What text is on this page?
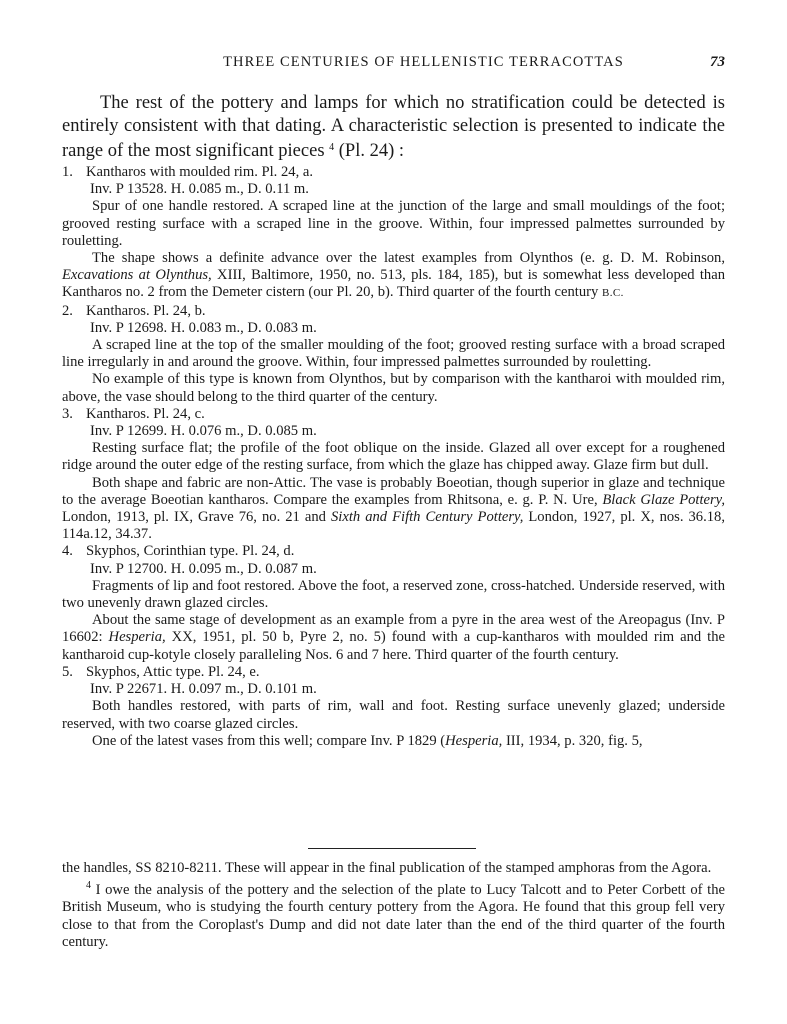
THREE CENTURIES OF HELLENISTIC TERRACOTTAS	73

The rest of the pottery and lamps for which no stratification could be detected is entirely consistent with that dating. A characteristic selection is presented to indicate the range of the most significant pieces $^4$ (Pl. 24) :

1. Kantharos with moulded rim. Pl. 24, a.

Inv. P 13528. H. 0.085 m., D. 0.11 m.

Spur of one handle restored. A scraped line at the junction of the large and small mouldings of the foot; grooved resting surface with a scraped line in the groove. Within, four impressed palmettes surrounded by rouletting.

The shape shows a definite advance over the latest examples from Olynthos (e. g. D. M. Robinson, Excavations at Olynthus, XIII, Baltimore, 1950, no. 513, pls. 184, 185), but is somewhat less developed than Kantharos no. 2 from the Demeter cistern (our Pl. 20, b). Third quarter of the fourth century B.C.

2. Kantharos. Pl. 24, b.

Inv. P 12698. H. 0.083 m., D. 0.083 m.

A scraped line at the top of the smaller moulding of the foot; grooved resting surface with a broad scraped line irregularly in and around the groove. Within, four impressed palmettes surrounded by rouletting.

No example of this type is known from Olynthos, but by comparison with the kantharoi with moulded rim, above, the vase should belong to the third quarter of the century.

3. Kantharos. Pl. 24, c.

Inv. P 12699. H. 0.076 m., D. 0.085 m.

Resting surface flat; the profile of the foot oblique on the inside. Glazed all over except for a roughened ridge around the outer edge of the resting surface, from which the glaze has chipped away. Glaze firm but dull.

Both shape and fabric are non-Attic. The vase is probably Boeotian, though superior in glaze and technique to the average Boeotian kantharos. Compare the examples from Rhitsona, e. g. P. N. Ure, Black Glaze Pottery, London, 1913, pl. IX, Grave 76, no. 21 and Sixth and Fifth Century Pottery, London, 1927, pl. X, nos. 36.18, 114a.12, 34.37.

4. Skyphos, Corinthian type. Pl. 24, d.

Inv. P 12700. H. 0.095 m., D. 0.087 m.

Fragments of lip and foot restored. Above the foot, a reserved zone, cross-hatched. Underside reserved, with two unevenly drawn glazed circles.

About the same stage of development as an example from a pyre in the area west of the Areopagus (Inv. P 16602: Hesperia, XX, 1951, pl. 50 b, Pyre 2, no. 5) found with a cup-kantharos with moulded rim and the kantharoid cup-kotyle closely paralleling Nos. 6 and 7 here. Third quarter of the fourth century.

5. Skyphos, Attic type. Pl. 24, e.

Inv. P 22671. H. 0.097 m., D. 0.101 m.

Both handles restored, with parts of rim, wall and foot. Resting surface unevenly glazed; underside reserved, with two coarse glazed circles.

One of the latest vases from this well; compare Inv. P 1829 (Hesperia, III, 1934, p. 320, fig. 5,

the handles, SS 8210-8211. These will appear in the final publication of the stamped amphoras from the Agora.

$^4$ I owe the analysis of the pottery and the selection of the plate to Lucy Talcott and to Peter Corbett of the British Museum, who is studying the fourth century pottery from the Agora. He found that this group fell very close to that from the Coroplast's Dump and did not date later than the end of the third quarter of the fourth century.
